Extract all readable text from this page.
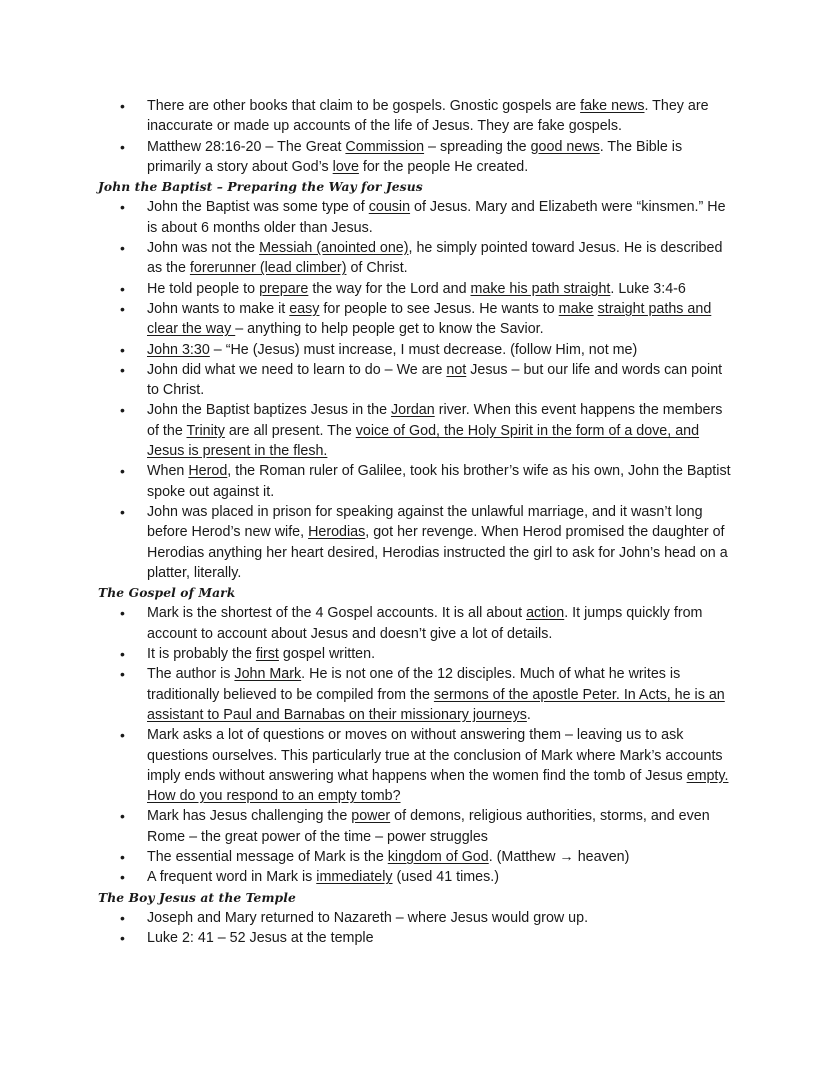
• There are other books that claim to be gospels. Gnostic gospels are fake news. They are inaccurate or made up accounts of the life of Jesus. They are fake gospels.
• Matthew 28:16-20 – The Great Commission – spreading the good news. The Bible is primarily a story about God’s love for the people He created.
John the Baptist – Preparing the Way for Jesus
• John the Baptist was some type of cousin of Jesus. Mary and Elizabeth were “kinsmen.” He is about 6 months older than Jesus.
• John was not the Messiah (anointed one), he simply pointed toward Jesus. He is described as the forerunner (lead climber) of Christ.
• He told people to prepare the way for the Lord and make his path straight. Luke 3:4-6
• John wants to make it easy for people to see Jesus. He wants to make straight paths and clear the way – anything to help people get to know the Savior.
• John 3:30 – “He (Jesus) must increase, I must decrease. (follow Him, not me)
• John did what we need to learn to do – We are not Jesus – but our life and words can point to Christ.
• John the Baptist baptizes Jesus in the Jordan river. When this event happens the members of the Trinity are all present. The voice of God, the Holy Spirit in the form of a dove, and Jesus is present in the flesh.
• When Herod, the Roman ruler of Galilee, took his brother’s wife as his own, John the Baptist spoke out against it.
• John was placed in prison for speaking against the unlawful marriage, and it wasn’t long before Herod’s new wife, Herodias, got her revenge. When Herod promised the daughter of Herodias anything her heart desired, Herodias instructed the girl to ask for John’s head on a platter, literally.
The Gospel of Mark
• Mark is the shortest of the 4 Gospel accounts. It is all about action. It jumps quickly from account to account about Jesus and doesn’t give a lot of details.
• It is probably the first gospel written.
• The author is John Mark. He is not one of the 12 disciples. Much of what he writes is traditionally believed to be compiled from the sermons of the apostle Peter. In Acts, he is an assistant to Paul and Barnabas on their missionary journeys.
• Mark asks a lot of questions or moves on without answering them – leaving us to ask questions ourselves. This particularly true at the conclusion of Mark where Mark’s accounts imply ends without answering what happens when the women find the tomb of Jesus empty. How do you respond to an empty tomb?
• Mark has Jesus challenging the power of demons, religious authorities, storms, and even Rome – the great power of the time – power struggles
• The essential message of Mark is the kingdom of God. (Matthew → heaven)
• A frequent word in Mark is immediately (used 41 times.)
The Boy Jesus at the Temple
• Joseph and Mary returned to Nazareth – where Jesus would grow up.
• Luke 2: 41 – 52 Jesus at the temple
